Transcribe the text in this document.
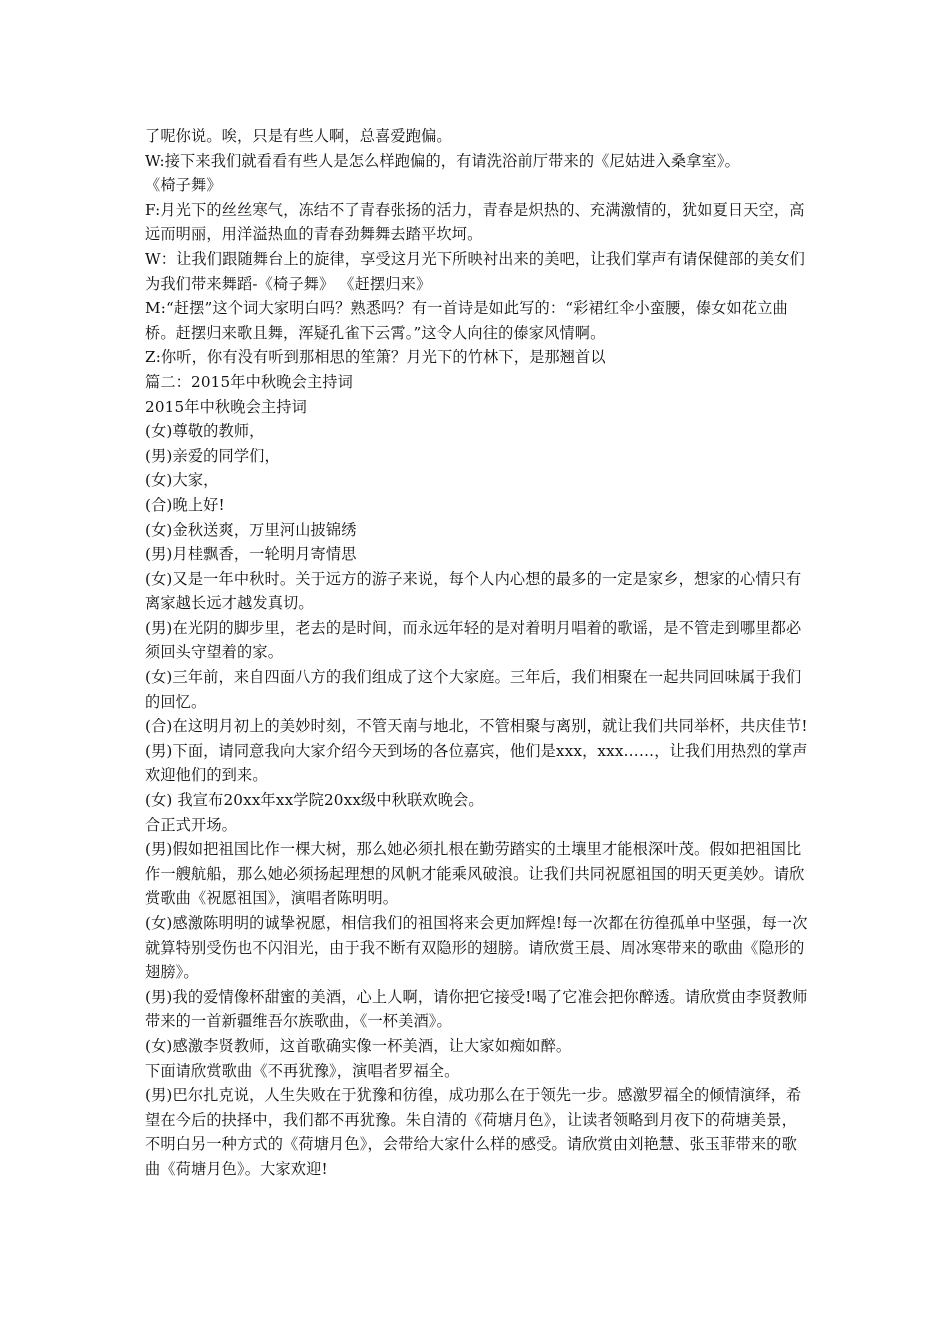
了呢你说。唉，只是有些人啊，总喜爱跑偏。

W:接下来我们就看看有些人是怎么样跑偏的，有请洗浴前厅带来的《尼姑进入桑拿室》。

《椅子舞》

F:月光下的丝丝寒气，冻结不了青春张扬的活力，青春是炽热的、充满激情的，犹如夏日天空，高远而明丽，用洋溢热血的青春劲舞舞去踏平坎坷。

W：让我们跟随舞台上的旋律，享受这月光下所映衬出来的美吧，让我们掌声有请保健部的美女们为我们带来舞蹈-《椅子舞》 《赶摆归来》

M:“赶摆”这个词大家明白吗？熟悉吗？有一首诗是如此写的：“彩裙红伞小蛮腰，傣女如花立曲桥。赶摆归来歌且舞，浑疑孔雀下云霄。”这令人向往的傣家风情啊。

Z:你听，你有没有听到那相思的笙箫？月光下的竹林下，是那翘首以

篇二：2015年中秋晚会主持词

2015年中秋晚会主持词

(女)尊敬的教师，

(男)亲爱的同学们，

(女)大家，

(合)晚上好!

(女)金秋送爽，万里河山披锦绣

(男)月桂飘香，一轮明月寄情思

(女)又是一年中秋时。关于远方的游子来说，每个人内心想的最多的一定是家乡，想家的心情只有离家越长远才越发真切。

(男)在光阴的脚步里，老去的是时间，而永远年轻的是对着明月唱着的歌谣，是不管走到哪里都必须回头守望着的家。

(女)三年前，来自四面八方的我们组成了这个大家庭。三年后，我们相聚在一起共同回味属于我们的回忆。

(合)在这明月初上的美妙时刻，不管天南与地北，不管相聚与离别，就让我们共同举杯，共庆佳节!

(男)下面，请同意我向大家介绍今天到场的各位嘉宾，他们是xxx，xxx……，让我们用热烈的掌声欢迎他们的到来。

(女) 我宣布20xx年xx学院20xx级中秋联欢晚会。

合正式开场。

(男)假如把祖国比作一棵大树，那么她必须扎根在勤劳踏实的土壤里才能根深叶茂。假如把祖国比作一艘航船，那么她必须扬起理想的风帆才能乘风破浪。让我们共同祝愿祖国的明天更美妙。请欣赏歌曲《祝愿祖国》，演唱者陈明明。

(女)感激陈明明的诚挚祝愿，相信我们的祖国将来会更加辉煌!每一次都在彷徨孤单中坚强，每一次就算特别受伤也不闪泪光，由于我不断有双隐形的翅膀。请欣赏王晨、周冰寒带来的歌曲《隐形的翅膀》。

(男)我的爱情像杯甜蜜的美酒，心上人啊，请你把它接受!喝了它准会把你醉透。请欣赏由李贤教师带来的一首新疆维吾尔族歌曲，《一杯美酒》。

(女)感激李贤教师，这首歌确实像一杯美酒，让大家如痴如醉。

下面请欣赏歌曲《不再犹豫》，演唱者罗福全。

(男)巴尔扎克说，人生失败在于犹豫和彷徨，成功那么在于领先一步。感激罗福全的倾情演绎，希望在今后的抉择中，我们都不再犹豫。朱自清的《荷塘月色》，让读者领略到月夜下的荷塘美景，不明白另一种方式的《荷塘月色》，会带给大家什么样的感受。请欣赏由刘艳慧、张玉菲带来的歌曲《荷塘月色》。大家欢迎!
